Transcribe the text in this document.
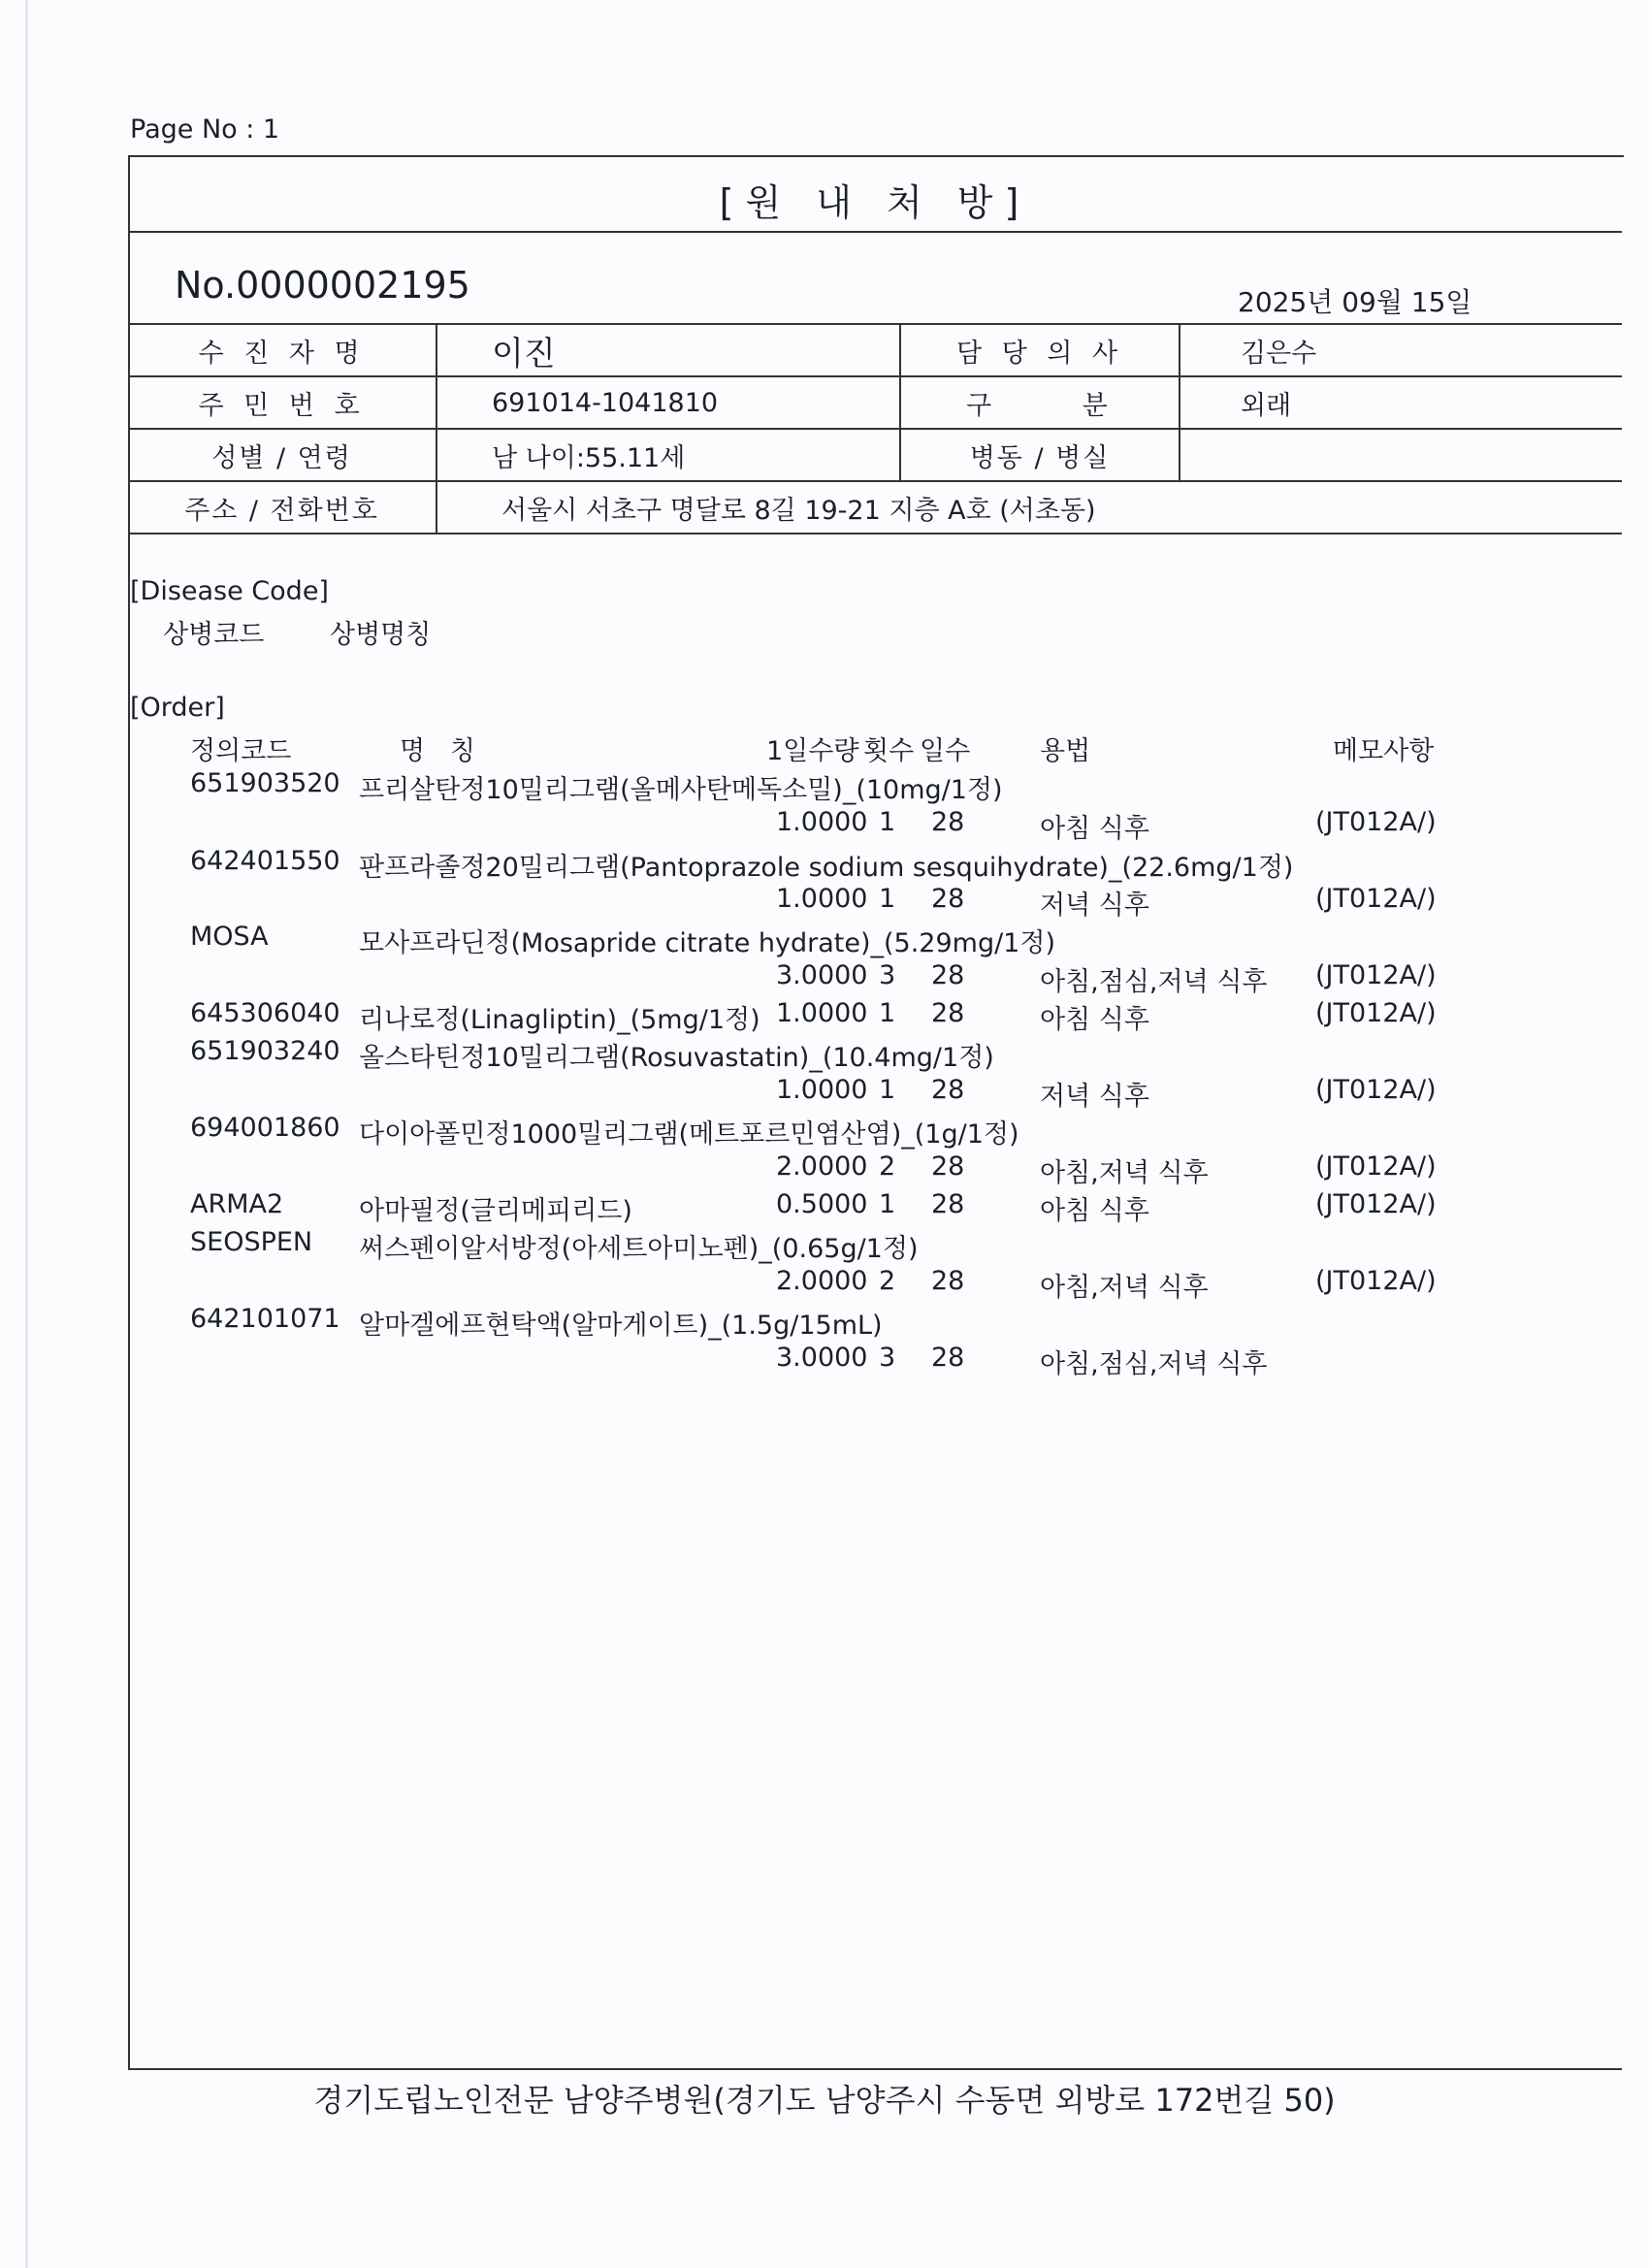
Page No : 1
[원 내 처 방]
No.0000002195	2025년 09월 15일
수 진 자 명	이진	담 당 의 사	김은수
주 민 번 호	691014-1041810	구      분	외래
성별 / 연령	남 나이:55.11세	병동 / 병실	
주소 / 전화번호	서울시 서초구 명달로 8길 19-21 지층 A호 (서초동)		
[Disease Code]
상병코드	상병명칭
[Order]
정의코드	명   칭	1일수량 횟수 일수	용법	메모사항
651903520 프리살탄정10밀리그램(올메사탄메독소밀)_(10mg/1정)
1.0000 1 28	아침 식후	(JT012A/)
642401550 판프라졸정20밀리그램(Pantoprazole sodium sesquihydrate)_(22.6mg/1정)
1.0000 1 28	저녁 식후	(JT012A/)
MOSA	모사프라딘정(Mosapride citrate hydrate)_(5.29mg/1정)
3.0000 3 28	아침,점심,저녁 식후 (JT012A/)
645306040 리나로정(Linagliptin)_(5mg/1정) 1.0000 1 28	아침 식후	(JT012A/)
651903240 올스타틴정10밀리그램(Rosuvastatin)_(10.4mg/1정)
1.0000 1 28	저녁 식후	(JT012A/)
694001860 다이아폴민정1000밀리그램(메트포르민염산염)_(1g/1정)
2.0000 2 28	아침,저녁 식후	(JT012A/)
ARMA2	아마필정(글리메피리드)	0.5000 1 28	아침 식후	(JT012A/)
SEOSPEN 써스펜이알서방정(아세트아미노펜)_(0.65g/1정)
2.0000 2 28	아침,저녁 식후	(JT012A/)
642101071 알마겔에프현탁액(알마게이트)_(1.5g/15mL)
3.0000 3 28	아침,점심,저녁 식후
경기도립노인전문 남양주병원(경기도 남양주시 수동면 외방로 172번길 50)
